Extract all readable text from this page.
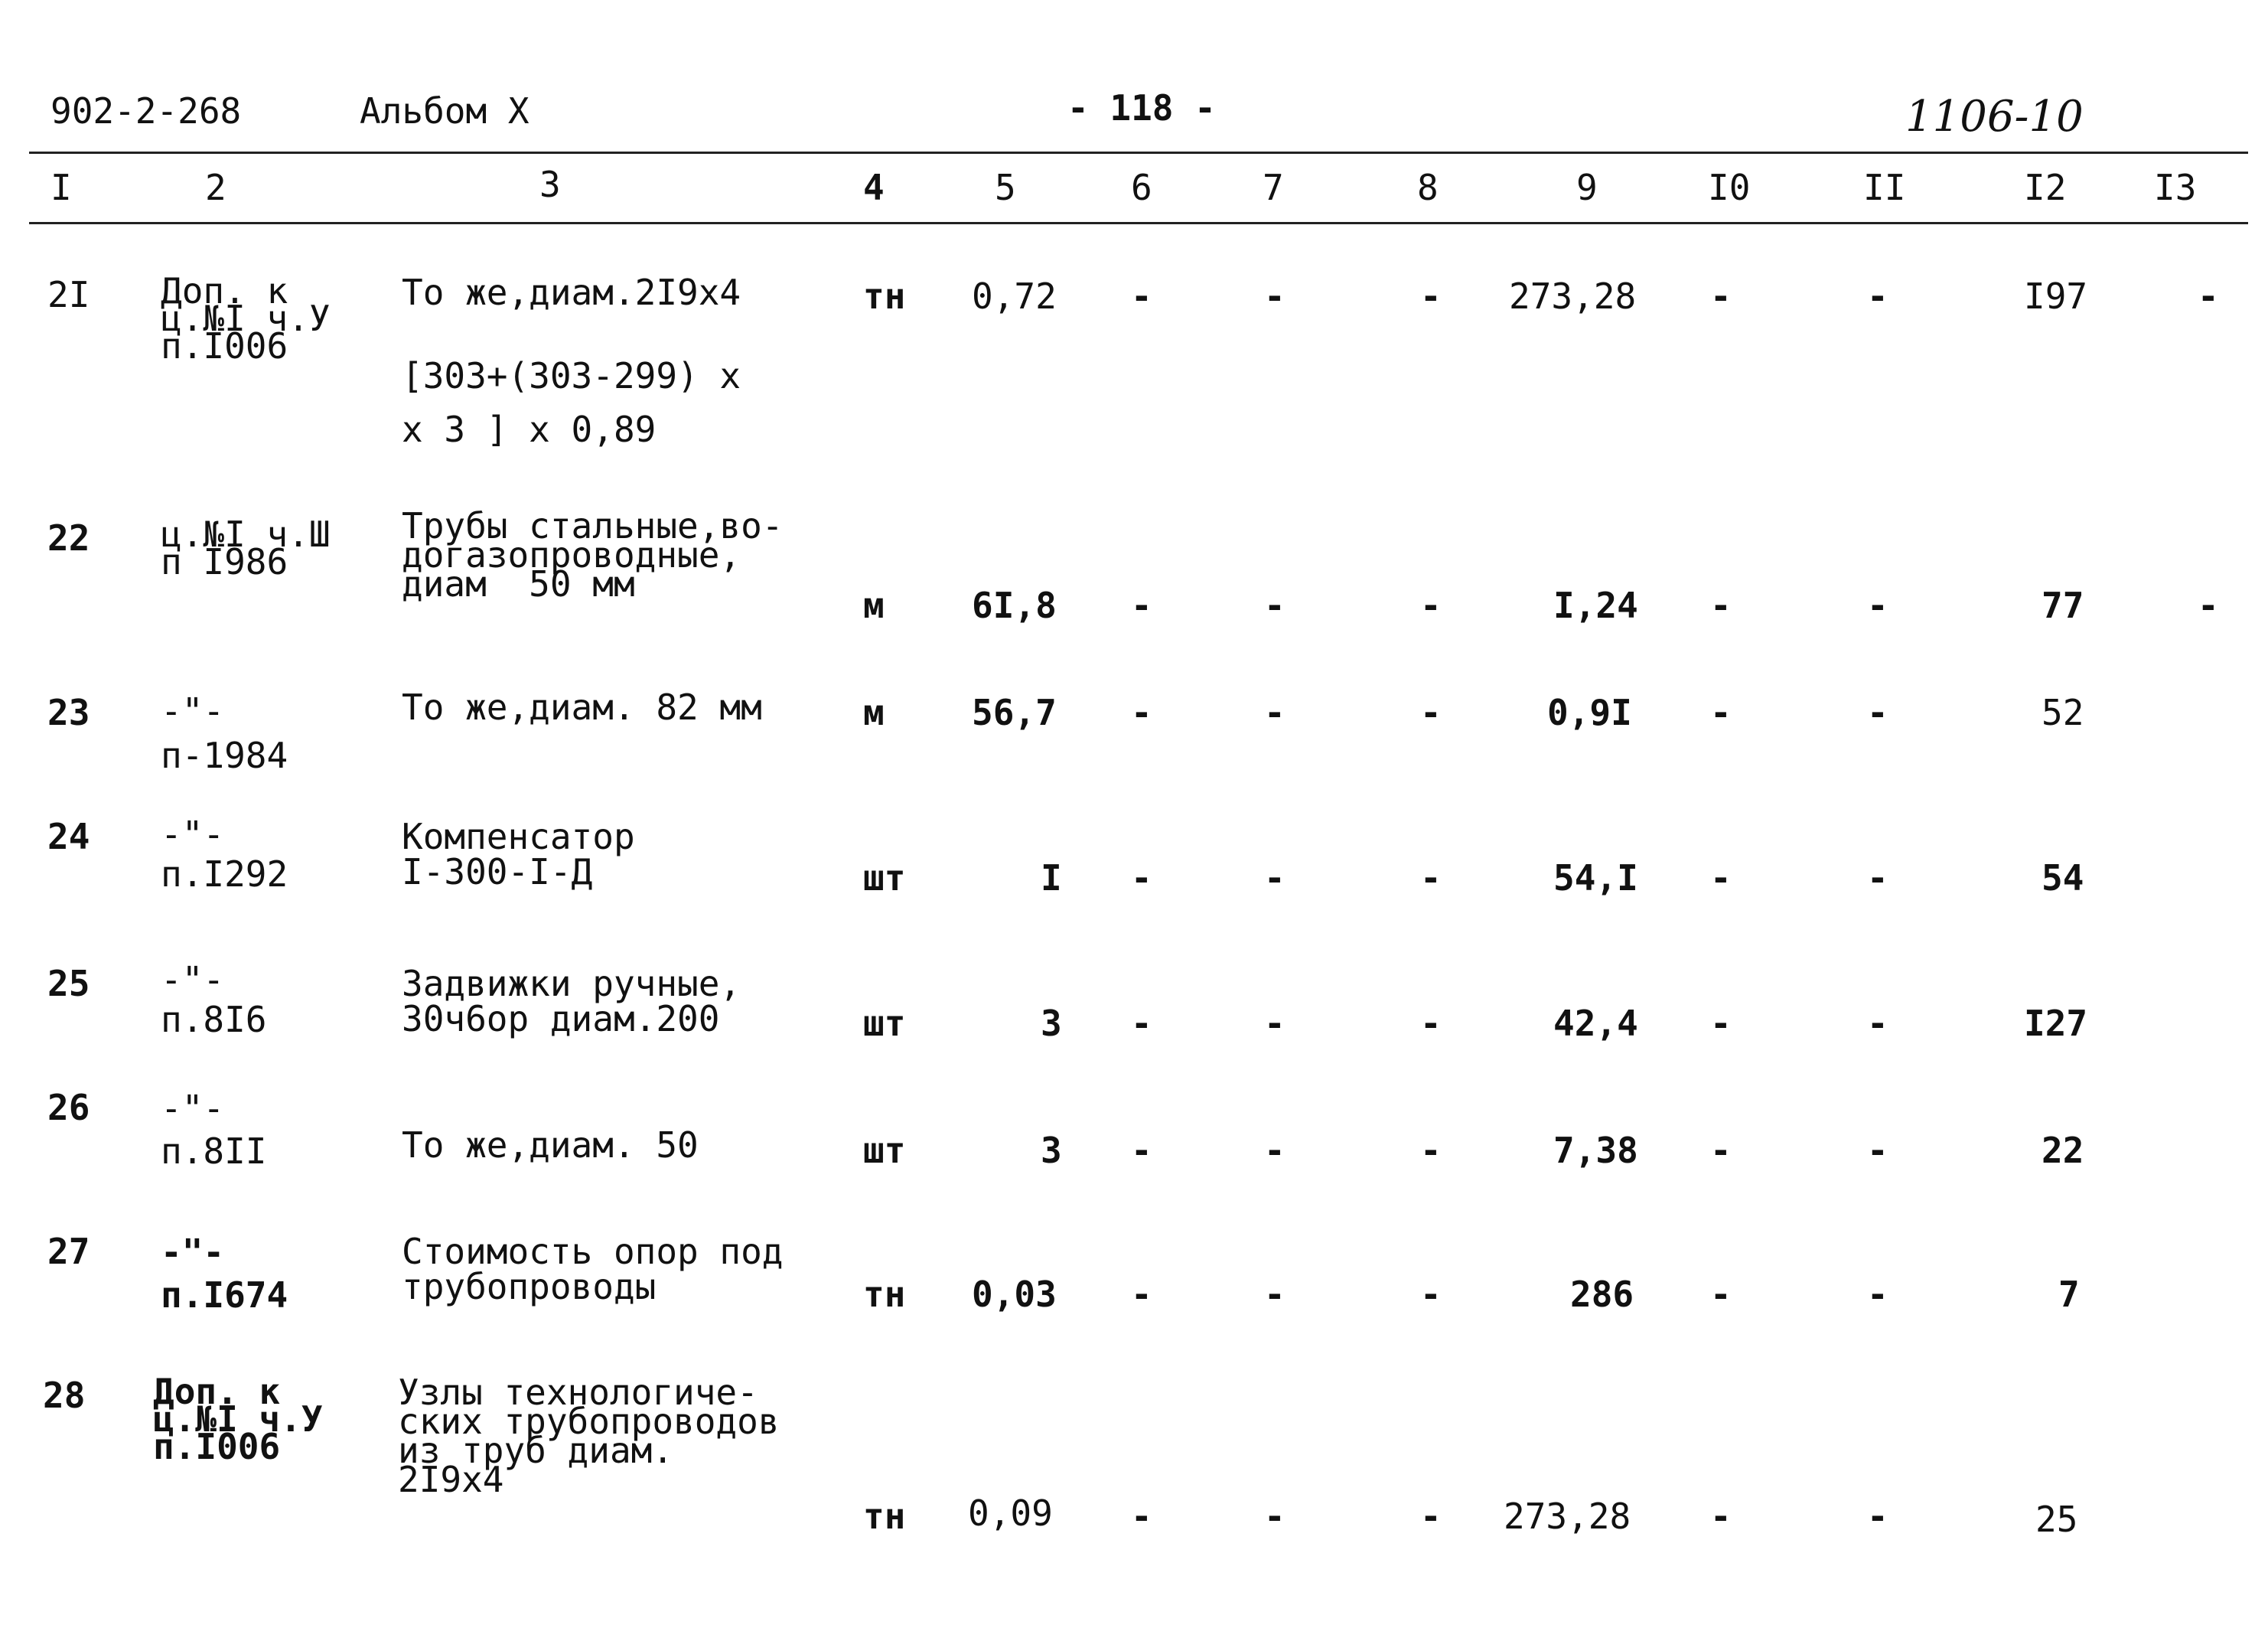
902-2-268	Альбом X	- 118 -	1106-10
I	2	3	4	5	6	7	8	9	I0	II	I2 I3
2I Доп. к
ц.№I ч.У
п.I006
То же,диам.2I9x4
[303+(303-299) x
x 3 ] x 0,89
тн 0,72 -	-	- 273,28 -	-	I97	-
22 ц.№I ч.Ш
п I986
Трубы стальные,во-
догазопроводные,
диам  50 мм
м 6I,8 -	-	-	I,24 -	-	77	-
23 -"-
п-1984
То же,диам. 82 мм	м 56,7 -	-	-	0,9I -	-	52
24 -"-
п.I292
Компенсатор
I-300-I-Д	шт	I -	-	-	54,I -	-	54
25 -"-
п.8I6
Задвижки ручные,
30ч6ор диам.200	шт	3 -	-	-	42,4 -	-	I27
26 -"-
п.8II	То же,диам. 50	шт	3 -	-	-	7,38 -	-	22
27 -"-
п.I674
Стоимость опор под
трубопроводы	тн 0,03 -	-	-	286 -	-	7
28 Доп. к
ц.№I ч.У
п.I006
Узлы технологиче-
ских трубопроводов
из труб диам.
2I9x4
тн 0,09 -	-	- 273,28 -	-	25
